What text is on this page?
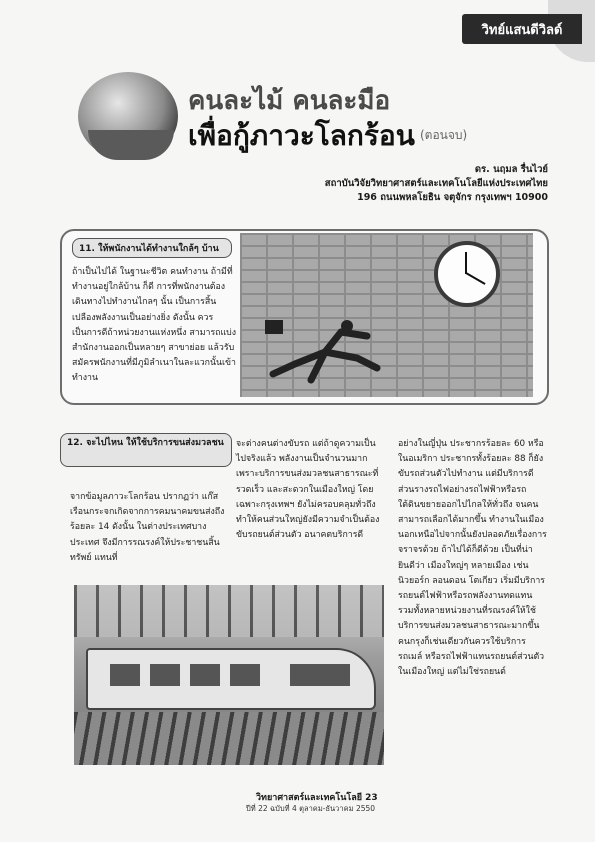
วิทย์แสนดีวิลด์
คนละไม้ คนละมือ
เพื่อกู้ภาวะโลกร้อน (ตอนจบ)
ดร. นฤมล รื่นไวย์
สถาบันวิจัยวิทยาศาสตร์และเทคโนโลยีแห่งประเทศไทย
196 ถนนพหลโยธิน จตุจักร กรุงเทพฯ 10900
11. ให้พนักงานได้ทำงานใกล้ๆ บ้าน
ถ้าเป็นไปได้ ในฐานะชีวิต คนทำงาน ถ้ามีที่ทำงานอยู่ใกล้บ้าน ก็ดี การที่พนักงานต้องเดินทางไปทำงานไกลๆ นั้น เป็นการสิ้นเปลืองพลังงานเป็นอย่างยิ่ง ดังนั้น ควรเป็นการดีถ้าหน่วยงานแห่งหนึ่ง สามารถแบ่งสำนักงานออกเป็นหลายๆ สาขาย่อย แล้วรับสมัครพนักงานที่มีภูมิลำเนาในละแวกนั้นเข้าทำงาน
12. จะไปไหน ให้ใช้บริการขนส่งมวลชน
จากข้อมูลภาวะโลกร้อน ปรากฏว่า แก๊สเรือนกระจกเกิดจากการคมนาคมขนส่งถึงร้อยละ 14 ดังนั้น ในต่างประเทศบางประเทศ จึงมีการรณรงค์ให้ประชาชนสิ้นทรัพย์ แทนที่
จะต่างคนต่างขับรถ แต่ถ้าดูความเป็นไปจริงแล้ว พลังงานเป็นจำนวนมาก เพราะบริการขนส่งมวลชนสาธารณะที่รวดเร็ว และสะดวกในเมืองใหญ่ โดยเฉพาะกรุงเทพฯ ยังไม่ครอบคลุมทั่วถึง ทำให้คนส่วนใหญ่ยังมีความจำเป็นต้องขับรถยนต์ส่วนตัว อนาคตบริการดี
อย่างในญี่ปุ่น ประชากรร้อยละ 60 หรือในอเมริกา ประชากรทั้งร้อยละ 88 ก็ยังขับรถส่วนตัวไปทำงาน แต่มีบริการดี ส่วนรางรถไฟอย่างรถไฟฟ้าหรือรถใต้ดินขยายออกไปไกลให้ทั่วถึง จนคนสามารถเลือกได้มากขึ้น ทำงานในเมือง นอกเหนือไปจากนั้นยังปลอดภัยเรื่องการจราจรด้วย ถ้าไปได้ก็ดีด้วย เป็นที่น่ายินดีว่า เมืองใหญ่ๆ หลายเมือง เช่น นิวยอร์ก ลอนดอน โตเกียว เริ่มมีบริการรถยนต์ไฟฟ้าหรือรถพลังงานทดแทน รวมทั้งหลายหน่วยงานที่รณรงค์ให้ใช้บริการขนส่งมวลชนสาธารณะมากขึ้น คนกรุงก็เช่นเดียวกันควรใช้บริการรถเมล์ หรือรถไฟฟ้าแทนรถยนต์ส่วนตัว ในเมืองใหญ่ แต่ไม่ใช่รถยนต์
วิทยาศาสตร์และเทคโนโลยี 23
ปีที่ 22 ฉบับที่ 4 ตุลาคม-ธันวาคม 2550
